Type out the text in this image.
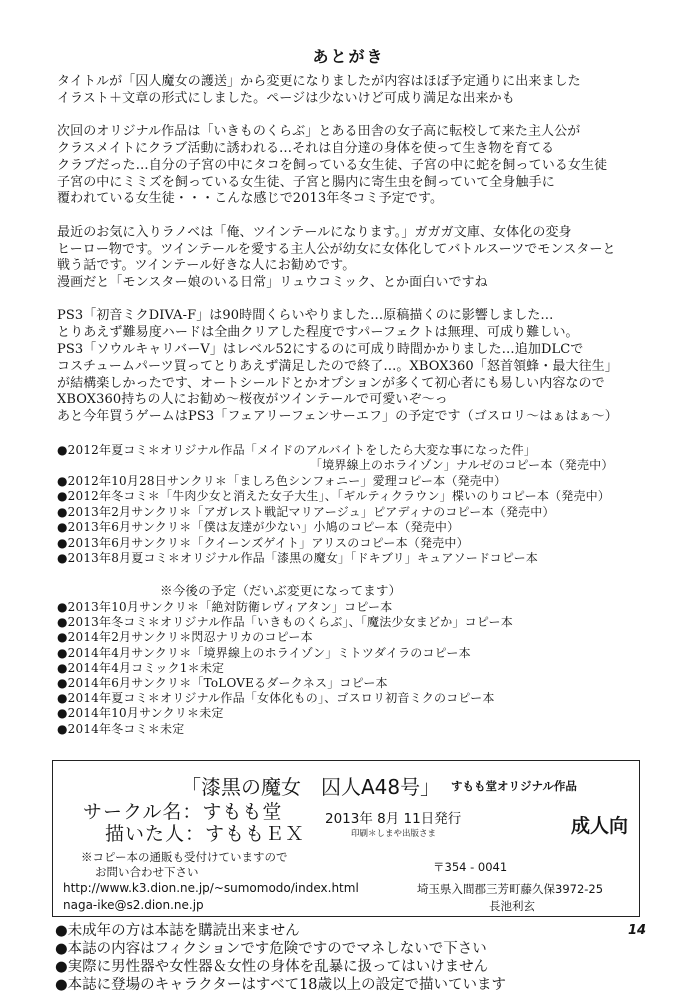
あとがき
タイトルが「囚人魔女の護送」から変更になりましたが内容はほぼ予定通りに出来ました
イラスト＋文章の形式にしました。ページは少ないけど可成り満足な出来かも
次回のオリジナル作品は「いきものくらぶ」とある田舎の女子高に転校して来た主人公が
クラスメイトにクラブ活動に誘われる…それは自分達の身体を使って生き物を育てる
クラブだった…自分の子宮の中にタコを飼っている女生徒、子宮の中に蛇を飼っている女生徒
子宮の中にミミズを飼っている女生徒、子宮と腸内に寄生虫を飼っていて全身触手に
覆われている女生徒・・・こんな感じで2013年冬コミ予定です。
最近のお気に入りラノベは「俺、ツインテールになります。」ガガガ文庫、女体化の変身
ヒーロー物です。ツインテールを愛する主人公が幼女に女体化してバトルスーツでモンスターと
戦う話です。ツインテール好きな人にお勧めです。
漫画だと「モンスター娘のいる日常」リュウコミック、とか面白いですね
PS3「初音ミクDIVA-F」は90時間くらいやりました…原稿描くのに影響しました…
とりあえず難易度ハードは全曲クリアした程度ですパーフェクトは無理、可成り難しい。
PS3「ソウルキャリバーV」はレベル52にするのに可成り時間かかりました…追加DLCで
コスチュームパーツ買ってとりあえず満足したので終了…。XBOX360「怒首領蜂・最大往生」
が結構楽しかったです、オートシールドとかオプションが多くて初心者にも易しい内容なので
XBOX360持ちの人にお勧め～桜夜がツインテールで可愛いぞ～っ
あと今年買うゲームはPS3「フェアリーフェンサーエフ」の予定です（ゴスロリ～はぁはぁ～）
●2012年夏コミ＊オリジナル作品「メイドのアルバイトをしたら大変な事になった件」
「境界線上のホライゾン」ナルゼのコピー本（発売中）
●2012年10月28日サンクリ＊「ましろ色シンフォニー」愛理コピー本（発売中）
●2012年冬コミ＊「牛肉少女と消えた女子大生」、「ギルティクラウン」楪いのりコピー本（発売中）
●2013年2月サンクリ＊「アガレスト戦記マリアージュ」ピアディナのコピー本（発売中）
●2013年6月サンクリ＊「僕は友達が少ない」小鳩のコピー本（発売中）
●2013年6月サンクリ＊「クイーンズゲイト」アリスのコピー本（発売中）
●2013年8月夏コミ＊オリジナル作品「漆黒の魔女」「ドキブリ」キュアソードコピー本
※今後の予定（だいぶ変更になってます）
●2013年10月サンクリ＊「絶対防衛レヴィアタン」コピー本
●2013年冬コミ＊オリジナル作品「いきものくらぶ」、「魔法少女まどか」コピー本
●2014年2月サンクリ＊閃忍ナリカのコピー本
●2014年4月サンクリ＊「境界線上のホライゾン」ミトツダイラのコピー本
●2014年4月コミック1＊未定
●2014年6月サンクリ＊「ToLOVEるダークネス」コピー本
●2014年夏コミ＊オリジナル作品「女体化もの」、ゴスロリ初音ミクのコピー本
●2014年10月サンクリ＊未定
●2014年冬コミ＊未定
「漆黒の魔女　囚人A48号」 すもも堂オリジナル作品
サークル名：すもも堂
描いた人：すももＥＸ
2013年 8月 11日発行
印刷＊しまや出版さま	成人向
※コピー本の通販も受付けていますので
お問い合わせ下さい
http://www.k3.dion.ne.jp/~sumomodo/index.html
naga-ike@s2.dion.ne.jp
〒354 - 0041
埼玉県入間郡三芳町藤久保3972-25
長池利玄
14
●未成年の方は本誌を購読出来ません
●本誌の内容はフィクションです危険ですのでマネしないで下さい
●実際に男性器や女性器＆女性の身体を乱暴に扱ってはいけません
●本誌に登場のキャラクターはすべて18歳以上の設定で描いています
